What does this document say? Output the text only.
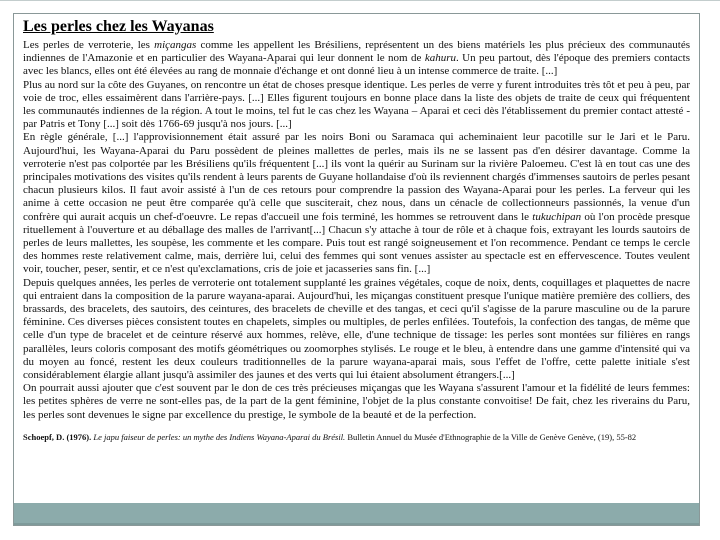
Les perles chez les Wayanas

Les perles de verroterie, les miçangas comme les appellent les Brésiliens, représentent un des biens matériels les plus précieux des communautés indiennes de l'Amazonie et en particulier des Wayana-Aparai qui leur donnent le nom de kahuru. Un peu partout, dès l'époque des premiers contacts avec les blancs, elles ont été élevées au rang de monnaie d'échange et ont donné lieu à un intense commerce de traite. [...]

Plus au nord sur la côte des Guyanes, on rencontre un état de choses presque identique. Les perles de verre y furent introduites très tôt et peu à peu, par voie de troc, elles essaimèrent dans l'arrière-pays. [...] Elles figurent toujours en bonne place dans la liste des objets de traite de ceux qui fréquentent les communautés indiennes de la région. A tout le moins, tel fut le cas chez les Wayana – Aparai et ceci dès l'établissement du premier contact attesté - par Patris et Tony [...] soit dès 1766-69 jusqu'à nos jours. [...]

En règle générale, [...] l'approvisionnement était assuré par les noirs Boni ou Saramaca qui acheminaient leur pacotille sur le Jari et le Paru. Aujourd'hui, les Wayana-Aparai du Paru possèdent de pleines mallettes de perles, mais ils ne se lassent pas d'en désirer davantage. Comme la verroterie n'est pas colportée par les Brésiliens qu'ils fréquentent [...] ils vont la quérir au Surinam sur la rivière Paloemeu. C'est là en tout cas une des principales motivations des visites qu'ils rendent à leurs parents de Guyane hollandaise d'où ils reviennent chargés d'immenses sautoirs de perles pesant chacun plusieurs kilos. Il faut avoir assisté à l'un de ces retours pour comprendre la passion des Wayana-Aparai pour les perles. La ferveur qui les anime à cette occasion ne peut être comparée qu'à celle que susciterait, chez nous, dans un cénacle de collectionneurs passionnés, la venue d'un confrère qui aurait acquis un chef-d'oeuvre. Le repas d'accueil une fois terminé, les hommes se retrouvent dans le tukuchipan où l'on procède presque rituellement à l'ouverture et au déballage des malles de l'arrivant[...] Chacun s'y attache à tour de rôle et à chaque fois, extrayant les lourds sautoirs de perles de leurs mallettes, les soupèse, les commente et les compare. Puis tout est rangé soigneusement et l'on recommence. Pendant ce temps le cercle des hommes reste relativement calme, mais, derrière lui, celui des femmes qui sont venues assister au spectacle est en effervescence. Toutes veulent voir, toucher, peser, sentir, et ce n'est qu'exclamations, cris de joie et jacasseries sans fin. [...]

Depuis quelques années, les perles de verroterie ont totalement supplanté les graines végétales, coque de noix, dents, coquillages et plaquettes de nacre qui entraient dans la composition de la parure wayana-aparai. Aujourd'hui, les miçangas constituent presque l'unique matière première des colliers, des brassards, des bracelets, des sautoirs, des ceintures, des bracelets de cheville et des tangas, et ceci qu'il s'agisse de la parure masculine ou de la parure féminine. Ces diverses pièces consistent toutes en chapelets, simples ou multiples, de perles enfilées. Toutefois, la confection des tangas, de même que celle d'un type de bracelet et de ceinture réservé aux hommes, relève, elle, d'une technique de tissage: les perles sont montées sur filières en rangs parallèles, leurs coloris composant des motifs géométriques ou zoomorphes stylisés. Le rouge et le bleu, à entendre dans une gamme d'intensité qui va du moyen au foncé, restent les deux couleurs traditionnelles de la parure wayana-aparai mais, sous l'effet de l'offre, cette palette initiale s'est considérablement élargie allant jusqu'à assimiler des jaunes et des verts qui lui étaient absolument étrangers.[...]

On pourrait aussi ajouter que c'est souvent par le don de ces très précieuses miçangas que les Wayana s'assurent l'amour et la fidélité de leurs femmes: les petites sphères de verre ne sont-elles pas, de la part de la gent féminine, l'objet de la plus constante convoitise! De fait, chez les riverains du Paru, les perles sont devenues le signe par excellence du prestige, le symbole de la beauté et de la perfection.

Schoepf, D. (1976). Le japu faiseur de perles: un mythe des Indiens Wayana-Aparai du Brésil. Bulletin Annuel du Musée d'Ethnographie de la Ville de Genève Genève, (19), 55-82
